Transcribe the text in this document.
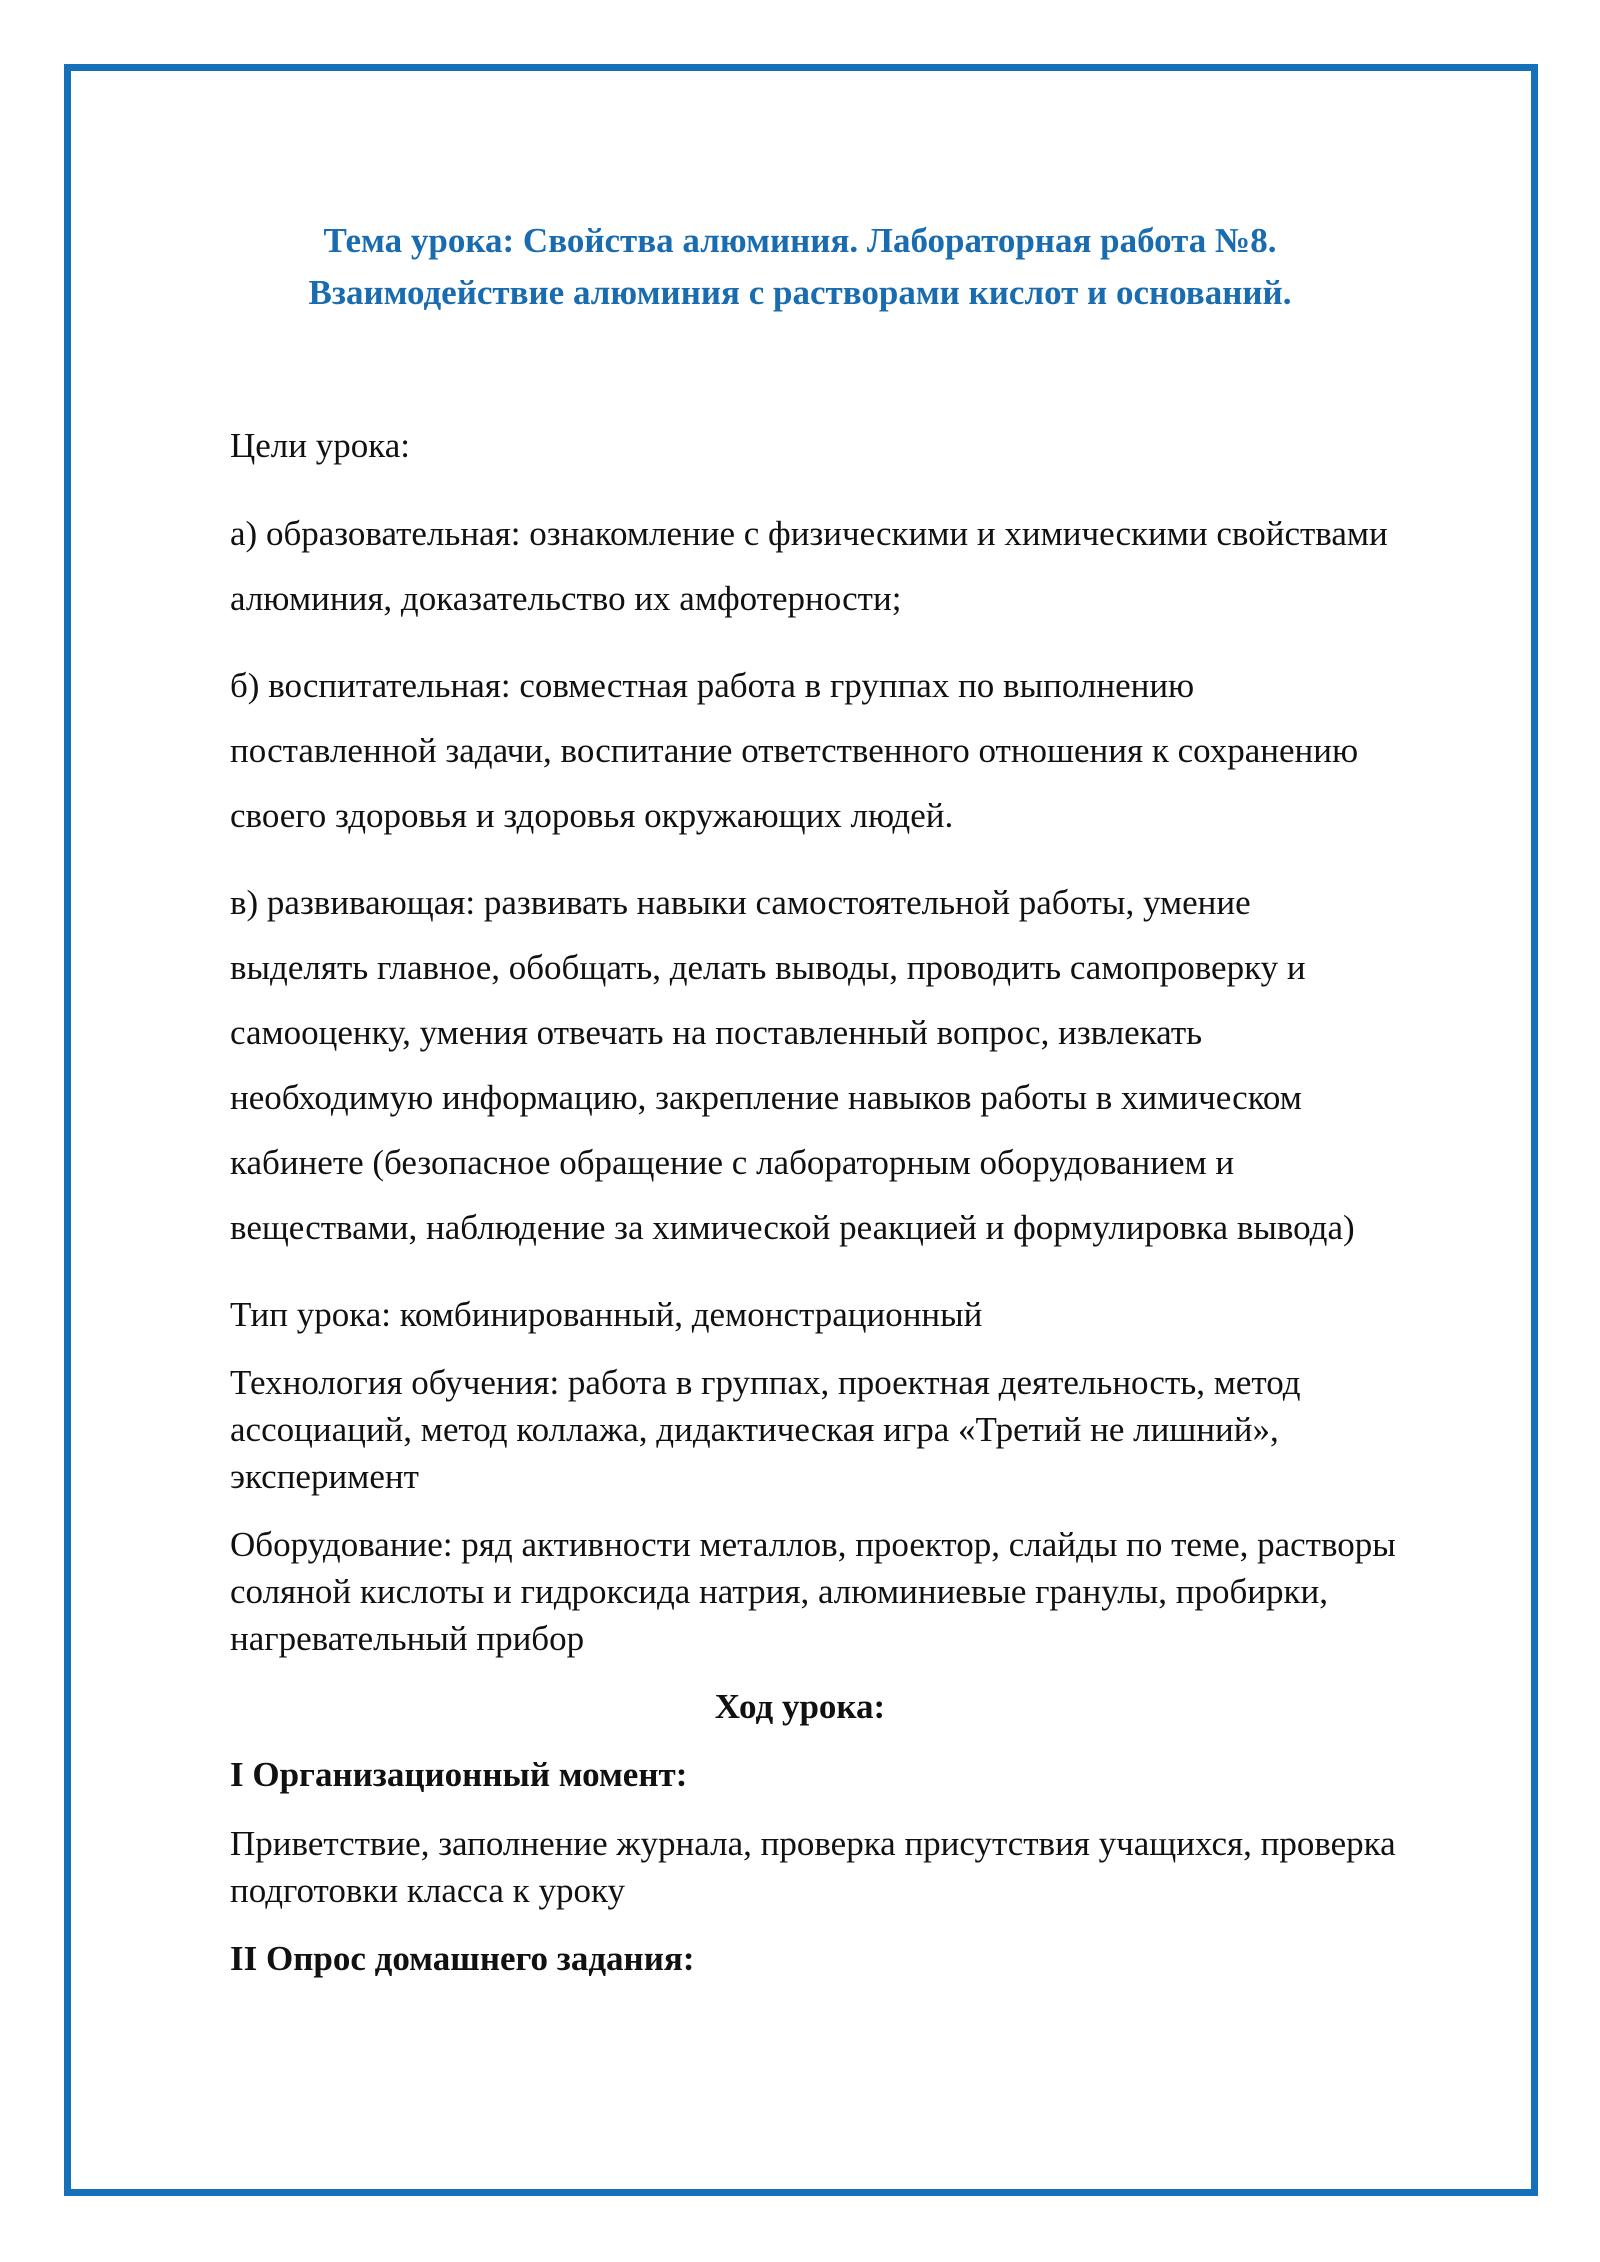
Тема урока: Свойства алюминия. Лабораторная работа №8.
Взаимодействие алюминия с растворами кислот и оснований.
Цели урока:
а) образовательная: ознакомление с физическими и химическими свойствами
алюминия, доказательство их амфотерности;
б) воспитательная: совместная работа в группах по выполнению
поставленной задачи, воспитание ответственного отношения к сохранению
своего здоровья и здоровья окружающих людей.
в) развивающая: развивать навыки самостоятельной работы, умение
выделять главное, обобщать, делать выводы, проводить самопроверку и
самооценку, умения отвечать на поставленный вопрос, извлекать
необходимую информацию, закрепление навыков работы в химическом
кабинете (безопасное обращение с лабораторным оборудованием и
веществами, наблюдение за химической реакцией и формулировка вывода)
Тип урока: комбинированный, демонстрационный
Технология обучения: работа в группах, проектная деятельность, метод
ассоциаций, метод коллажа, дидактическая игра «Третий не лишний»,
эксперимент
Оборудование: ряд активности металлов, проектор, слайды по теме, растворы
соляной кислоты и гидроксида натрия, алюминиевые гранулы, пробирки,
нагревательный прибор
Ход урока:
I Организационный момент:
Приветствие, заполнение журнала, проверка присутствия учащихся, проверка
подготовки класса к уроку
II Опрос домашнего задания:
